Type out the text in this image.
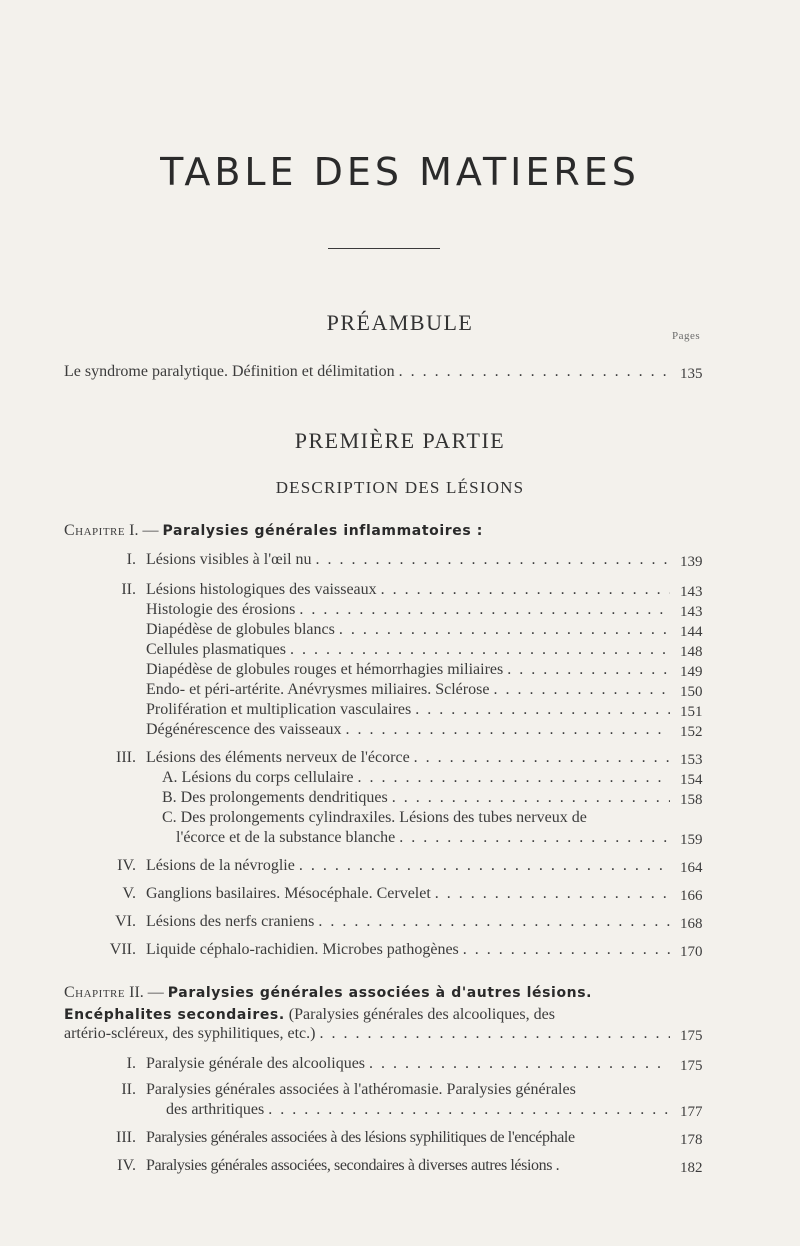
TABLE DES MATIERES
PRÉAMBULE
Pages
Le syndrome paralytique. Définition et délimitation . . .	135
PREMIÈRE PARTIE
DESCRIPTION DES LÉSIONS
Chapitre I. — Paralysies générales inflammatoires :
I. Lésions visibles à l'œil nu . . .	139
II. Lésions histologiques des vaisseaux . . .	143
Histologie des érosions . . .	143
Diapédèse de globules blancs . . .	144
Cellules plasmatiques . . .	148
Diapédèse de globules rouges et hémorrhagies miliaires . . .	149
Endo- et péri-artérite. Anévrysmes miliaires. Sclérose . . .	150
Prolifération et multiplication vasculaires . . .	151
Dégénérescence des vaisseaux . . .	152
III. Lésions des éléments nerveux de l'écorce . . .	153
A. Lésions du corps cellulaire . . .	154
B. Des prolongements dendritiques . . .	158
C. Des prolongements cylindraxiles. Lésions des tubes nerveux de
l'écorce et de la substance blanche . . .	159
IV. Lésions de la névroglie . . .	164
V. Ganglions basilaires. Mésocéphale. Cervelet . . .	166
VI. Lésions des nerfs craniens . . .	168
VII. Liquide céphalo-rachidien. Microbes pathogènes . . .	170
Chapitre II. — Paralysies générales associées à d'autres lésions.
Encéphalites secondaires. (Paralysies générales des alcooliques, des
artério-scléreux, des syphilitiques, etc.) . . .	175
I. Paralysie générale des alcooliques . . .	175
II. Paralysies générales associées à l'athéromasie. Paralysies générales
des arthritiques . . .	177
III. Paralysies générales associées à des lésions syphilitiques de l'encéphale	178
IV. Paralysies générales associées, secondaires à diverses autres lésions .	182
